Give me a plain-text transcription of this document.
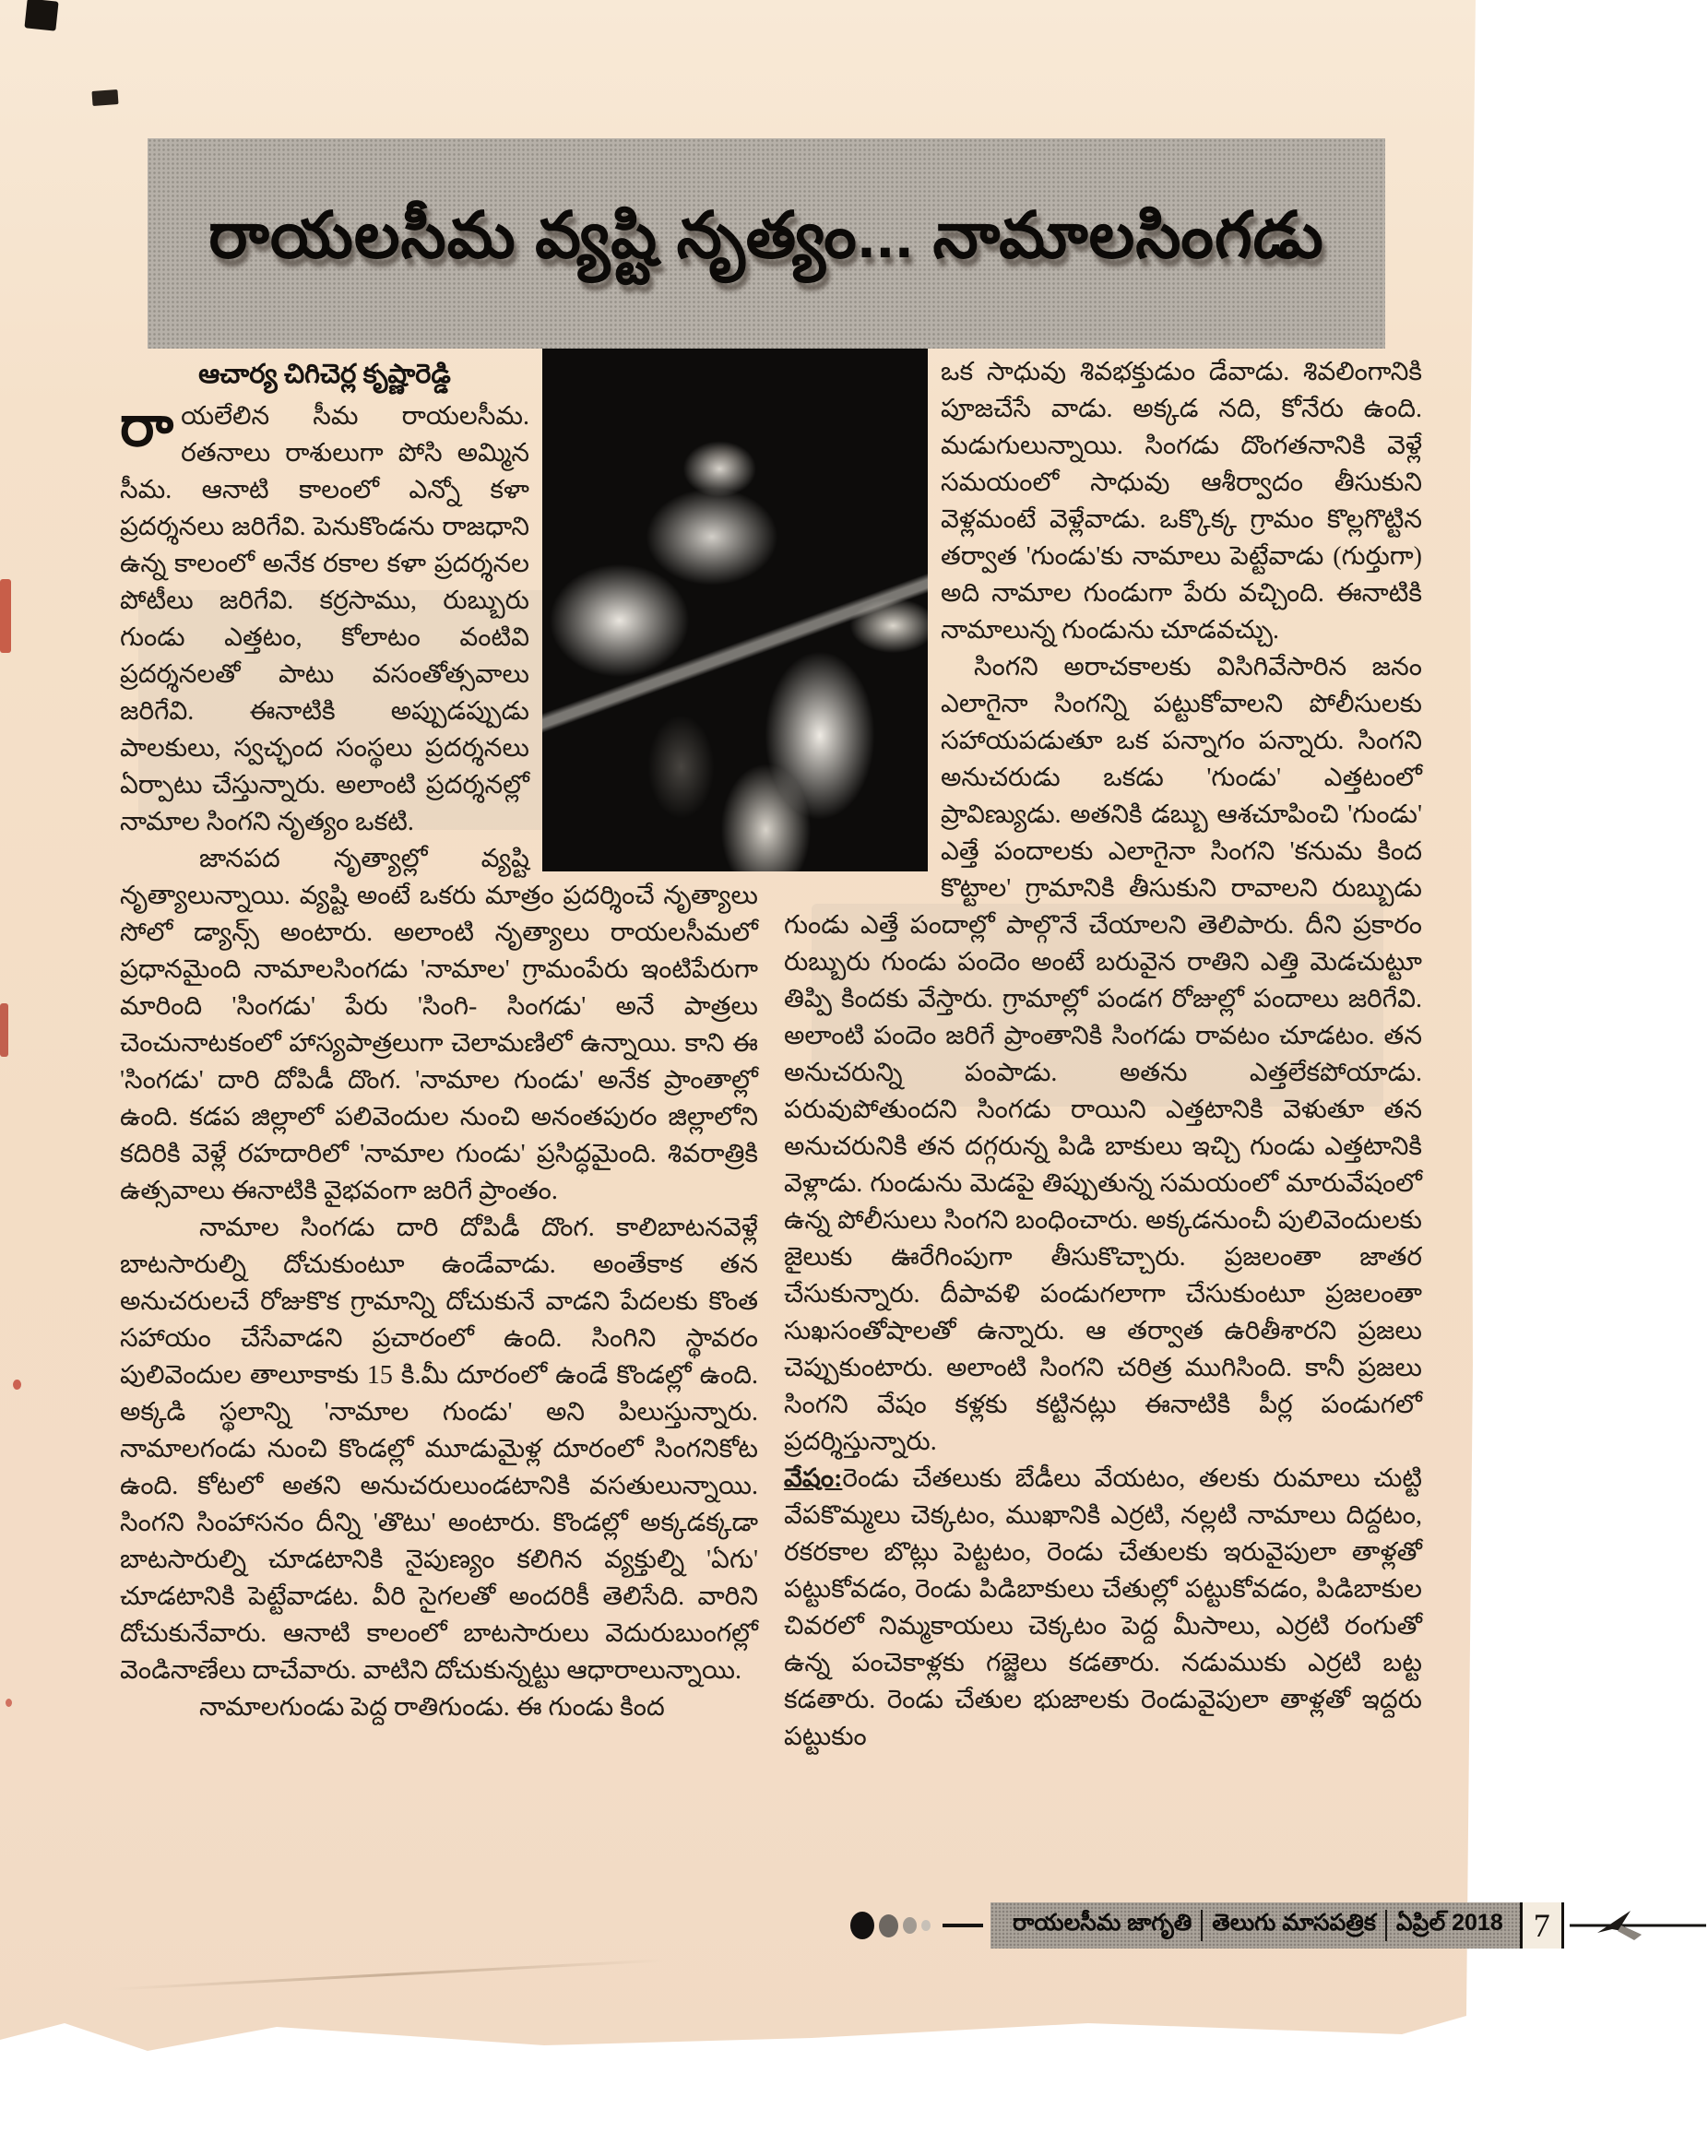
రాయలసీమ వ్యష్టి నృత్యం... నామాలసింగడు
ఆచార్య చిగిచెర్ల కృష్ణారెడ్డి

రాయలేలిన సీమ రాయలసీమ. రతనాలు రాశులుగా పోసి అమ్మిన సీమ. ఆనాటి కాలంలో ఎన్నో కళా ప్రదర్శనలు జరిగేవి. పెనుకొండను రాజధాని ఉన్న కాలంలో అనేక రకాల కళా ప్రదర్శనల పోటీలు జరిగేవి. కర్రసాము, రుబ్బురు గుండు ఎత్తటం, కోలాటం వంటివి ప్రదర్శనలతో పాటు వసంతోత్సవాలు జరిగేవి. ఈనాటికి అప్పుడప్పుడు పాలకులు, స్వచ్ఛంద సంస్థలు ప్రదర్శనలు ఏర్పాటు చేస్తున్నారు. అలాంటి ప్రదర్శనల్లో నామాల సింగని నృత్యం ఒకటి.

జానపద నృత్యాల్లో వ్యష్టి నృత్యాలున్నాయి. వ్యష్టి అంటే ఒకరు మాత్రం ప్రదర్శించే నృత్యాలు సోలో డ్యాన్స్ అంటారు. అలాంటి నృత్యాలు రాయలసీమలో ప్రధానమైంది నామాలసింగడు 'నామాల' గ్రామంపేరు ఇంటిపేరుగా మారింది 'సింగడు' పేరు 'సింగి- సింగడు' అనే పాత్రలు చెంచునాటకంలో హాస్యపాత్రలుగా చెలామణిలో ఉన్నాయి. కాని ఈ 'సింగడు' దారి దోపిడీ దొంగ. 'నామాల గుండు' అనేక ప్రాంతాల్లో ఉంది. కడప జిల్లాలో పలివెందుల నుంచి అనంతపురం జిల్లాలోని కదిరికి వెళ్లే రహదారిలో 'నామాల గుండు' ప్రసిద్ధమైంది. శివరాత్రికి ఉత్సవాలు ఈనాటికి వైభవంగా జరిగే ప్రాంతం.

నామాల సింగడు దారి దోపిడీ దొంగ. కాలిబాటనవెళ్లే బాటసారుల్ని దోచుకుంటూ ఉండేవాడు. అంతేకాక తన అనుచరులచే రోజుకొక గ్రామాన్ని దోచుకునే వాడని పేదలకు కొంత సహాయం చేసేవాడని ప్రచారంలో ఉంది. సింగిని స్థావరం పులివెందుల తాలూకాకు 15 కి.మీ దూరంలో ఉండే కొండల్లో ఉంది. అక్కడి స్థలాన్ని 'నామాల గుండు' అని పిలుస్తున్నారు. నామాలగండు నుంచి కొండల్లో మూడుమైళ్ల దూరంలో సింగనికోట ఉంది. కోటలో అతని అనుచరులుండటానికి వసతులున్నాయి. సింగని సింహాసనం దీన్ని 'తొటు' అంటారు. కొండల్లో అక్కడక్కడా బాటసారుల్ని చూడటానికి నైపుణ్యం కలిగిన వ్యక్తుల్ని 'ఏగు' చూడటానికి పెట్టేవాడట. వీరి సైగలతో అందరికీ తెలిసేది. వారిని దోచుకునేవారు. ఆనాటి కాలంలో బాటసారులు వెదురుబుంగల్లో వెండినాణేలు దాచేవారు. వాటిని దోచుకున్నట్టు ఆధారాలున్నాయి.

నామాలగుండు పెద్ద రాతిగుండు. ఈ గుండు కింద

ఒక సాధువు శివభక్తుడుం డేవాడు. శివలింగానికి పూజచేసే వాడు. అక్కడ నది, కోనేరు ఉంది. మడుగులున్నాయి. సింగడు దొంగతనానికి వెళ్లే సమయంలో సాధువు ఆశీర్వాదం తీసుకుని వెళ్లమంటే వెళ్లేవాడు. ఒక్కొక్క గ్రామం కొల్లగొట్టిన తర్వాత 'గుండు'కు నామాలు పెట్టేవాడు (గుర్తుగా) అది నామాల గుండుగా పేరు వచ్చింది. ఈనాటికి నామాలున్న గుండును చూడవచ్చు.

సింగని అరాచకాలకు విసిగివేసారిన జనం ఎలాగైనా సింగన్ని పట్టుకోవాలని పోలీసులకు సహాయపడుతూ ఒక పన్నాగం పన్నారు. సింగని అనుచరుడు ఒకడు 'గుండు' ఎత్తటంలో ప్రావిణ్యుడు. అతనికి డబ్బు ఆశచూపించి 'గుండు' ఎత్తే పందాలకు ఎలాగైనా సింగని 'కనుమ కింద కొట్టాల' గ్రామానికి తీసుకుని రావాలని రుబ్బుడు గుండు ఎత్తే పందాల్లో పాల్గొనే చేయాలని తెలిపారు. దీని ప్రకారం రుబ్బురు గుండు పందెం అంటే బరువైన రాతిని ఎత్తి మెడచుట్టూ తిప్పి కిందకు వేస్తారు. గ్రామాల్లో పండగ రోజుల్లో పందాలు జరిగేవి. అలాంటి పందెం జరిగే ప్రాంతానికి సింగడు రావటం చూడటం. తన అనుచరున్ని పంపాడు. అతను ఎత్తలేకపోయాడు. పరువుపోతుందని సింగడు రాయిని ఎత్తటానికి వెళుతూ తన అనుచరునికి తన దగ్గరున్న పిడి బాకులు ఇచ్చి గుండు ఎత్తటానికి వెళ్లాడు. గుండును మెడపై తిప్పుతున్న సమయంలో మారువేషంలో ఉన్న పోలీసులు సింగని బంధించారు. అక్కడనుంచీ పులివెందులకు జైలుకు ఊరేగింపుగా తీసుకొచ్చారు. ప్రజలంతా జాతర చేసుకున్నారు. దీపావళి పండుగలాగా చేసుకుంటూ ప్రజలంతా సుఖసంతోషాలతో ఉన్నారు. ఆ తర్వాత ఉరితీశారని ప్రజలు చెప్పుకుంటారు. అలాంటి సింగని చరిత్ర ముగిసింది. కానీ ప్రజలు సింగని వేషం కళ్లకు కట్టినట్లు ఈనాటికి పీర్ల పండుగలో ప్రదర్శిస్తున్నారు.

వేషం:రెండు చేతలుకు బేడీలు వేయటం, తలకు రుమాలు చుట్టి వేపకొమ్మలు చెక్కటం, ముఖానికి ఎర్రటి, నల్లటి నామాలు దిద్దటం, రకరకాల బొట్లు పెట్టటం, రెండు చేతులకు ఇరువైపులా తాళ్లతో పట్టుకోవడం, రెండు పిడిబాకులు చేతుల్లో పట్టుకోవడం, పిడిబాకుల చివరలో నిమ్మకాయలు చెక్కటం పెద్ద మీసాలు, ఎర్రటి రంగుతో ఉన్న పంచెకాళ్లకు గజ్జెలు కడతారు. నడుముకు ఎర్రటి బట్ట కడతారు. రెండు చేతుల భుజాలకు రెండువైపులా తాళ్లతో ఇద్దరు పట్టుకుం

రాయలసీమ జాగృతి తెలుగు మాసపత్రిక ఏప్రిల్ 2018 7
